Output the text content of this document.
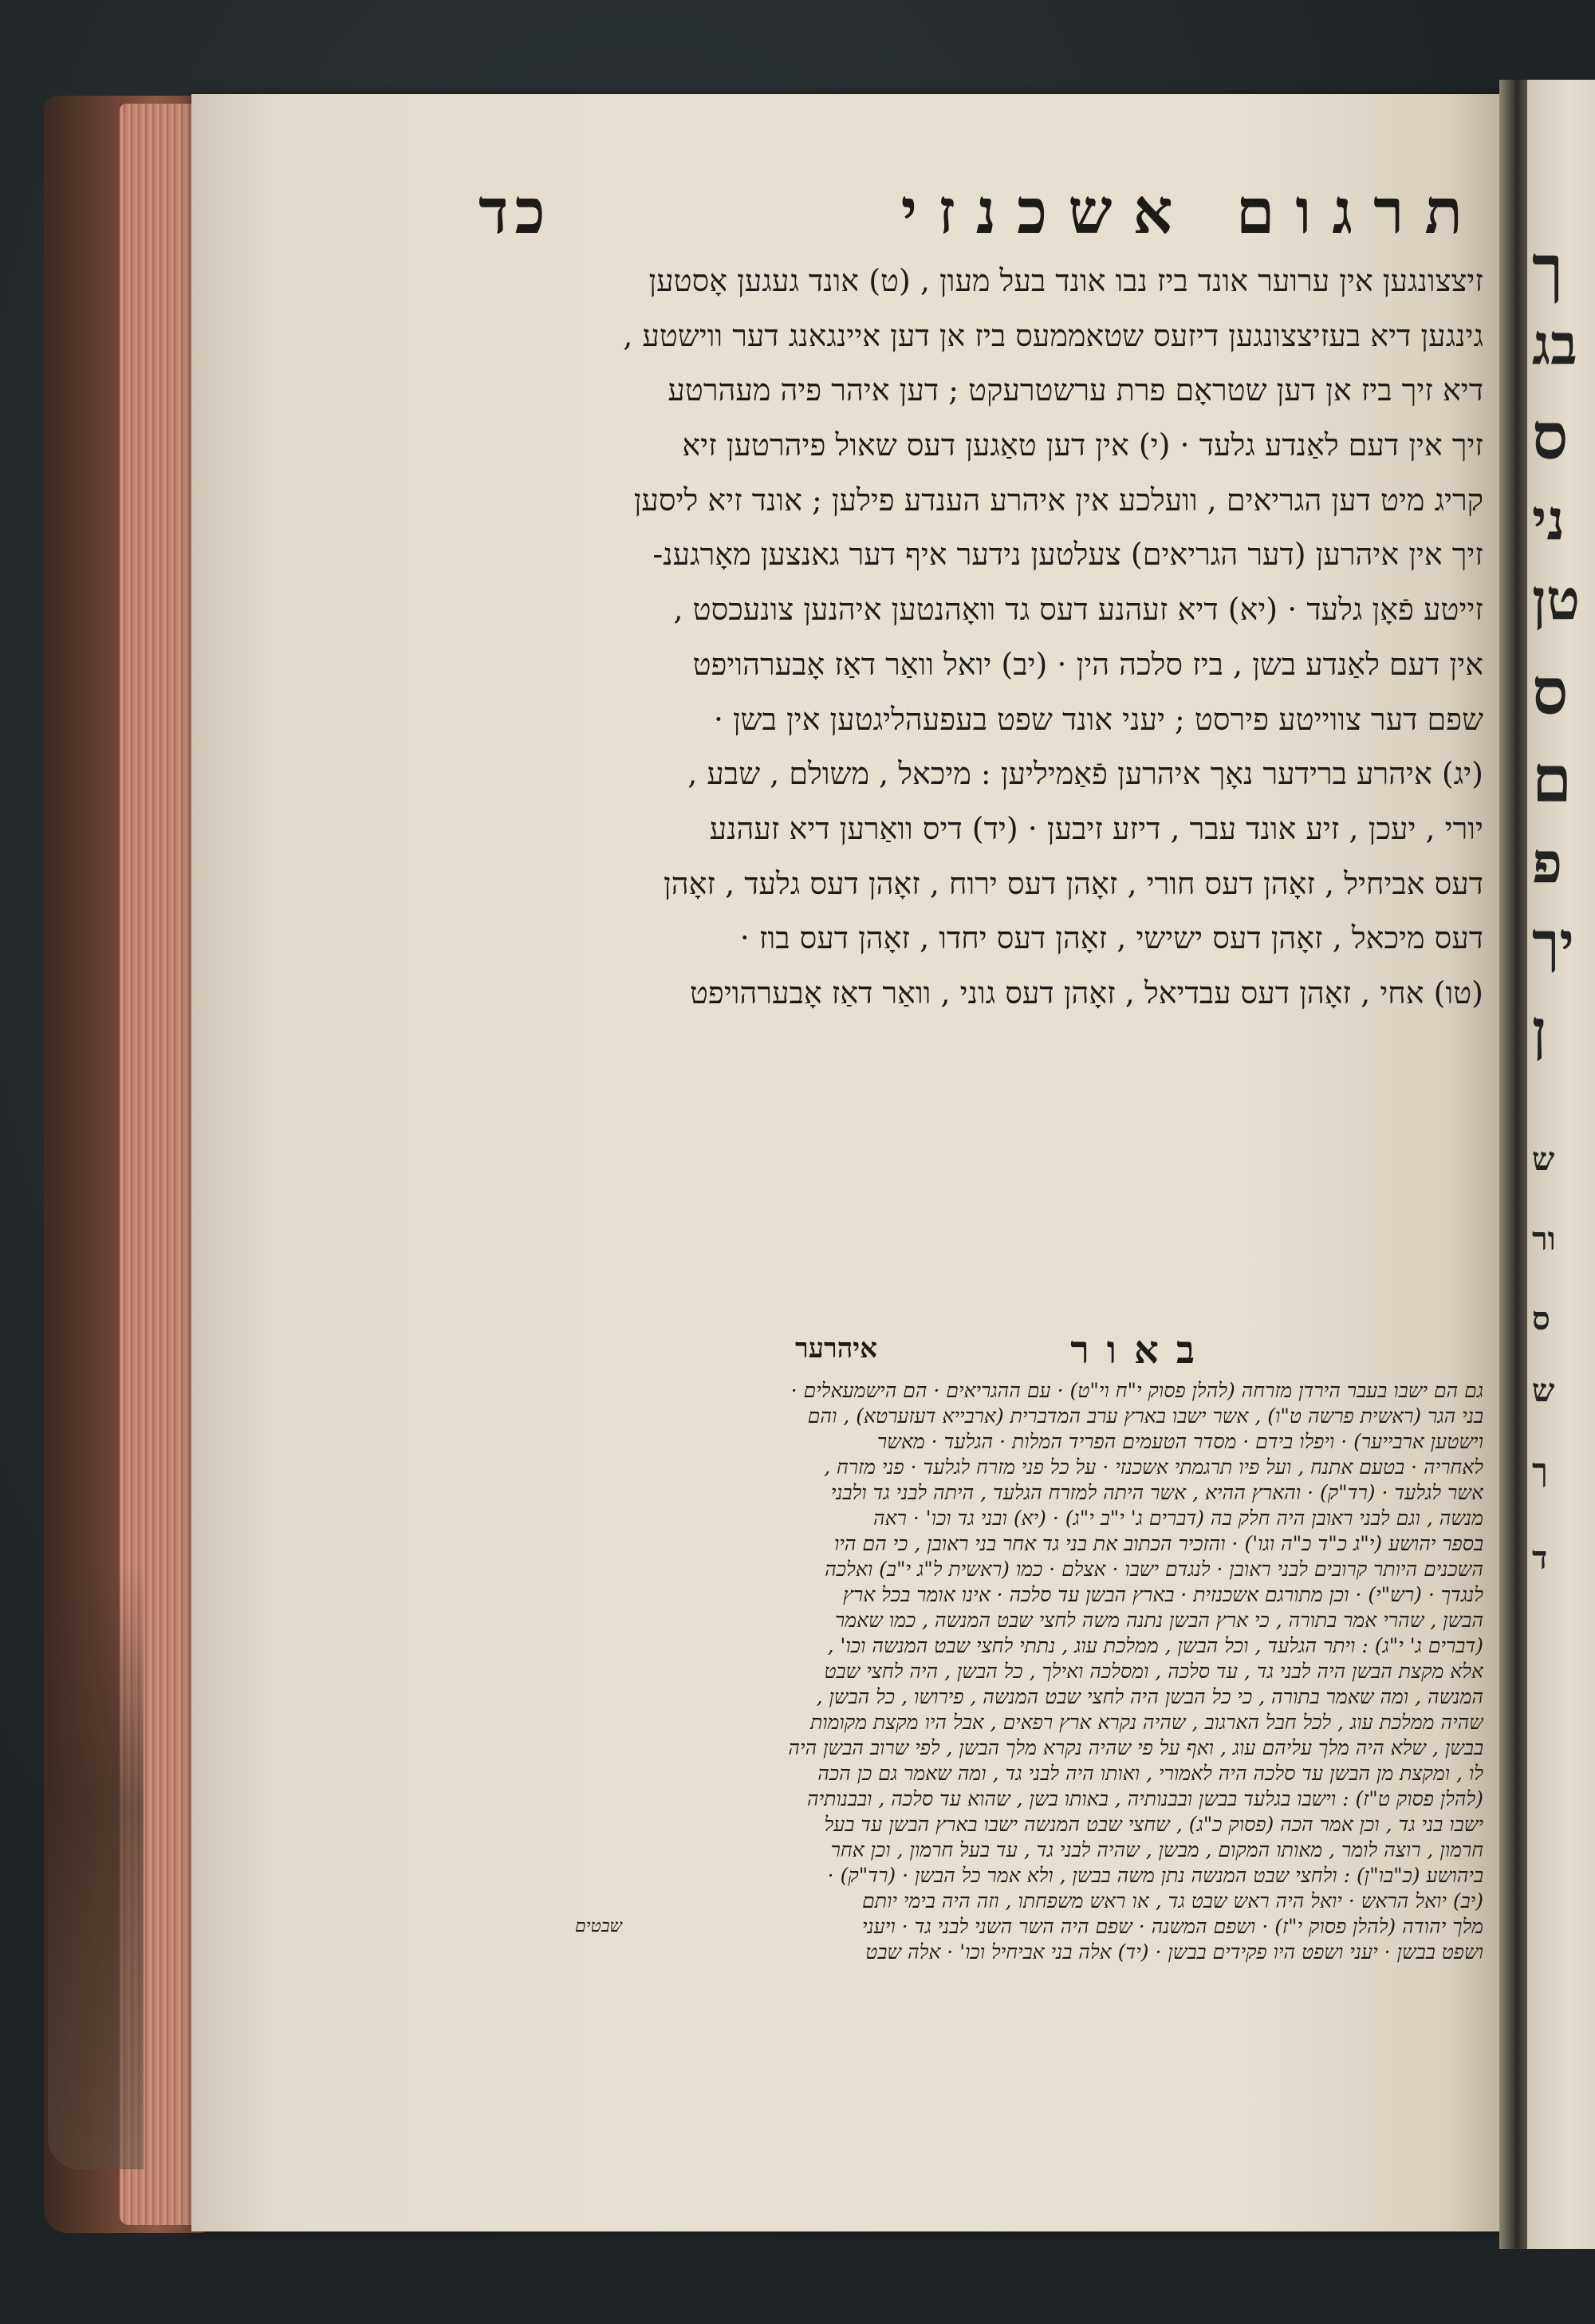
ך
בג
ס
ני
טן
ס
ם
פ
יך
ן
ש
ור
ס
ש
ך
ד
תרגום אשכנזי
כד
זיצצונגען אין ערוער אונד ביז נבו אונד בעל מעון , (ט) אונד געגען אָסטען
גינגען דיא בעזיצצונגען דיזעס שטאממעס ביז אן דען איינגאנג דער ווישטע ,
דיא זיך ביז אן דען שטראָם פרת ערשטרעקט ; דען איהר פיה מעהרטע
זיך אין דעם לאַנדע גלעד · (י) אין דען טאַגען דעס שאול פיהרטען זיא
קריג מיט דען הגריאים , וועלכע אין איהרע הענדע פילען ; אונד זיא ליסען
זיך אין איהרען (דער הגריאים) צעלטען נידער איף דער גאנצען מאָרגענ-
זייטע פֿאָן גלעד · (יא) דיא זעהנע דעס גד וואָהנטען איהנען צונעכסט ,
אין דעם לאַנדע בשן , ביז סלכה הין · (יב) יואל וואַר דאַז אָבערהויפט
שפם דער צווייטע פירסט ; יעני אונד שפט בעפעהליגטען אין בשן ·
(יג) איהרע ברידער נאָך איהרען פֿאַמיליען : מיכאל , משולם , שבע ,
יורי , יעכן , זיע אונד עבר , דיזע זיבען · (יד) דיס וואַרען דיא זעהנע
דעס אביחיל , זאָהן דעס חורי , זאָהן דעס ירוח , זאָהן דעס גלעד , זאָהן
דעס מיכאל , זאָהן דעס ישישי , זאָהן דעס יחדו , זאָהן דעס בוז ·
(טו) אחי , זאָהן דעס עבדיאל , זאָהן דעס גוני , וואַר דאַז אָבערהויפט
באור
איהרער
גם הם ישבו בעבר הירדן מזרחה (להלן פסוק י"ח וי"ט) · עם ההגריאים · הם הישמעאלים ·
בני הגר (ראשית פרשה ט"ו) , אשר ישבו בארץ ערב המדברית (ארבייא דעזערטא) , והם
וישטען ארבייער) · ויפלו בידם · מסדר הטעמים הפריד המלות · הגלעד · מאשר
לאחריה · בטעם אתנח , ועל פיו תרגמתי אשכנזי · על כל פני מזרח לגלעד · פני מזרח ,
אשר לגלעד · (רד"ק) · והארץ ההיא , אשר היתה למזרח הגלעד , היתה לבני גד ולבני
מנשה , וגם לבני ראובן היה חלק בה (דברים ג' י"ב י"ג) · (יא) ובני גד וכו' · ראה
בספר יהושע (י"ג כ"ד כ"ה וגו') · והזכיר הכתוב את בני גד אחר בני ראובן , כי הם היו
השכנים היותר קרובים לבני ראובן · לנגדם ישבו · אצלם · כמו (ראשית ל"ג י"ב) ואלכה
לנגדך · (רש"י) · וכן מתורגם אשכנזית · בארץ הבשן עד סלכה · אינו אומר בכל ארץ
הבשן , שהרי אמר בתורה , כי ארץ הבשן נתנה משה לחצי שבט המנשה , כמו שאמר
(דברים ג' י"ג) : ויתר הגלעד , וכל הבשן , ממלכת עוג , נתתי לחצי שבט המנשה וכו' ,
אלא מקצת הבשן היה לבני גד , עד סלכה , ומסלכה ואילך , כל הבשן , היה לחצי שבט
המנשה , ומה שאמר בתורה , כי כל הבשן היה לחצי שבט המנשה , פירושו , כל הבשן ,
שהיה ממלכת עוג , לכל חבל הארגוב , שהיה נקרא ארץ רפאים , אבל היו מקצת מקומות
בבשן , שלא היה מלך עליהם עוג , ואף על פי שהיה נקרא מלך הבשן , לפי שרוב הבשן היה
לו , ומקצת מן הבשן עד סלכה היה לאמורי , ואותו היה לבני גד , ומה שאמר גם כן הכה
(להלן פסוק ט"ז) : וישבו בגלעד בבשן ובבנותיה , באותו בשן , שהוא עד סלכה , ובבנותיה
ישבו בני גד , וכן אמר הכה (פסוק כ"ג) , שחצי שבט המנשה ישבו בארץ הבשן עד בעל
חרמון , רוצה לומר , מאותו המקום , מבשן , שהיה לבני גד , עד בעל חרמון , וכן אחר
ביהושע (כ"בו"ן) : ולחצי שבט המנשה נתן משה בבשן , ולא אמר כל הבשן · (רד"ק) ·
(יב) יואל הראש · יואל היה ראש שבט גד , או ראש משפחתו , וזה היה בימי יותם
מלך יהודה (להלן פסוק י"ז) · ושפם המשנה · שפם היה השר השני לבני גד · ויעני
ושפט בבשן · יעני ושפט היו פקידים בבשן · (יד) אלה בני אביחיל וכו' · אלה שבט
שבטים
